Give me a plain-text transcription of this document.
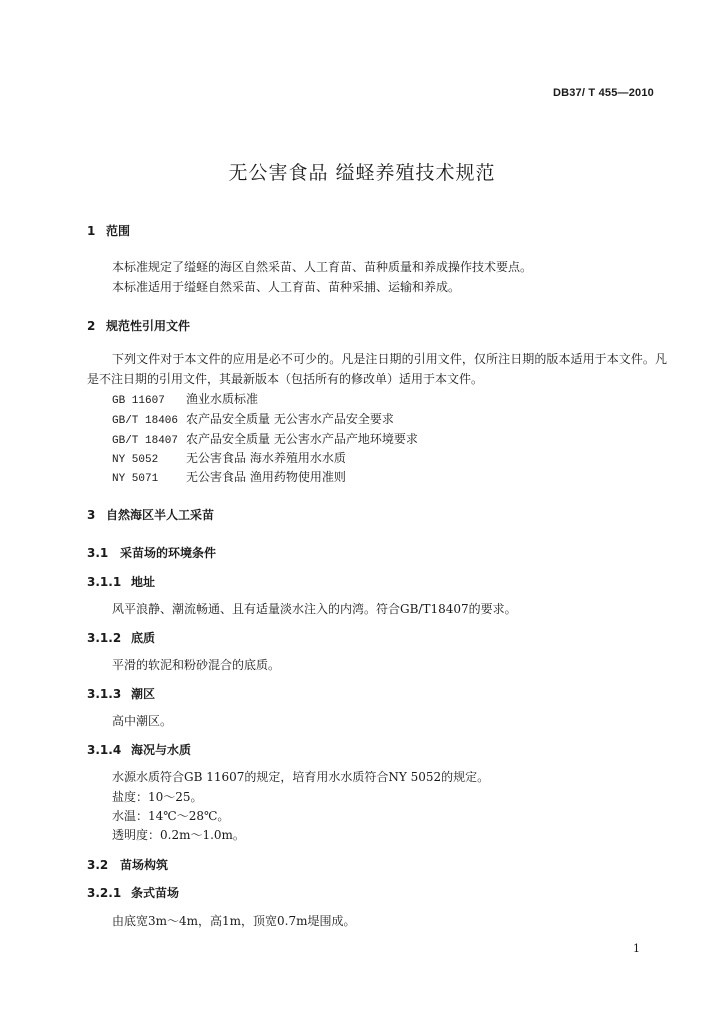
DB37/ T 455—2010
无公害食品 缢蛏养殖技术规范
1 范围
本标准规定了缢蛏的海区自然采苗、人工育苗、苗种质量和养成操作技术要点。
本标准适用于缢蛏自然采苗、人工育苗、苗种采捕、运输和养成。
2 规范性引用文件
下列文件对于本文件的应用是必不可少的。凡是注日期的引用文件，仅所注日期的版本适用于本文件。凡是不注日期的引用文件，其最新版本（包括所有的修改单）适用于本文件。
GB 11607 渔业水质标准
GB/T 18406 农产品安全质量 无公害水产品安全要求
GB/T 18407 农产品安全质量 无公害水产品产地环境要求
NY 5052 无公害食品 海水养殖用水水质
NY 5071 无公害食品 渔用药物使用准则
3 自然海区半人工采苗
3.1 采苗场的环境条件
3.1.1 地址
风平浪静、潮流畅通、且有适量淡水注入的内湾。符合GB/T18407的要求。
3.1.2 底质
平滑的软泥和粉砂混合的底质。
3.1.3 潮区
高中潮区。
3.1.4 海况与水质
水源水质符合GB 11607的规定，培育用水水质符合NY 5052的规定。
盐度：10～25。
水温：14℃～28℃。
透明度：0.2m～1.0m。
3.2 苗场构筑
3.2.1 条式苗场
由底宽3m～4m，高1m，顶宽0.7m堤围成。
1
